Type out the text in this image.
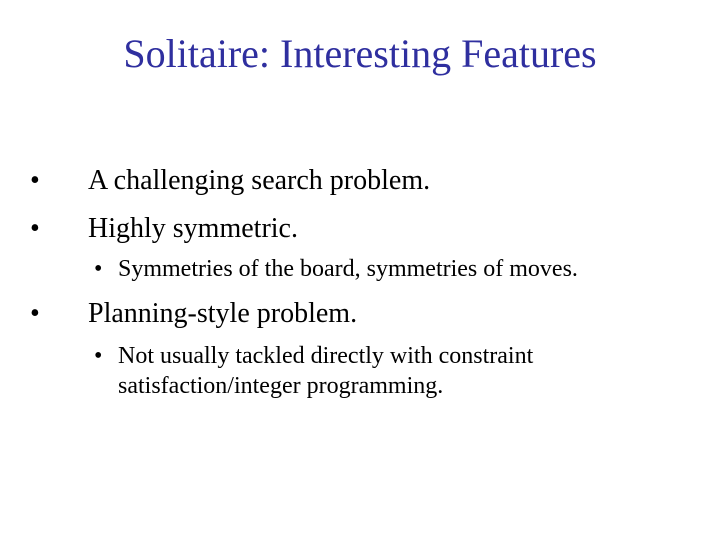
Solitaire: Interesting Features
• A challenging search problem.
• Highly symmetric.
• Symmetries of the board, symmetries of moves.
• Planning-style problem.
• Not usually tackled directly with constraint satisfaction/integer programming.
